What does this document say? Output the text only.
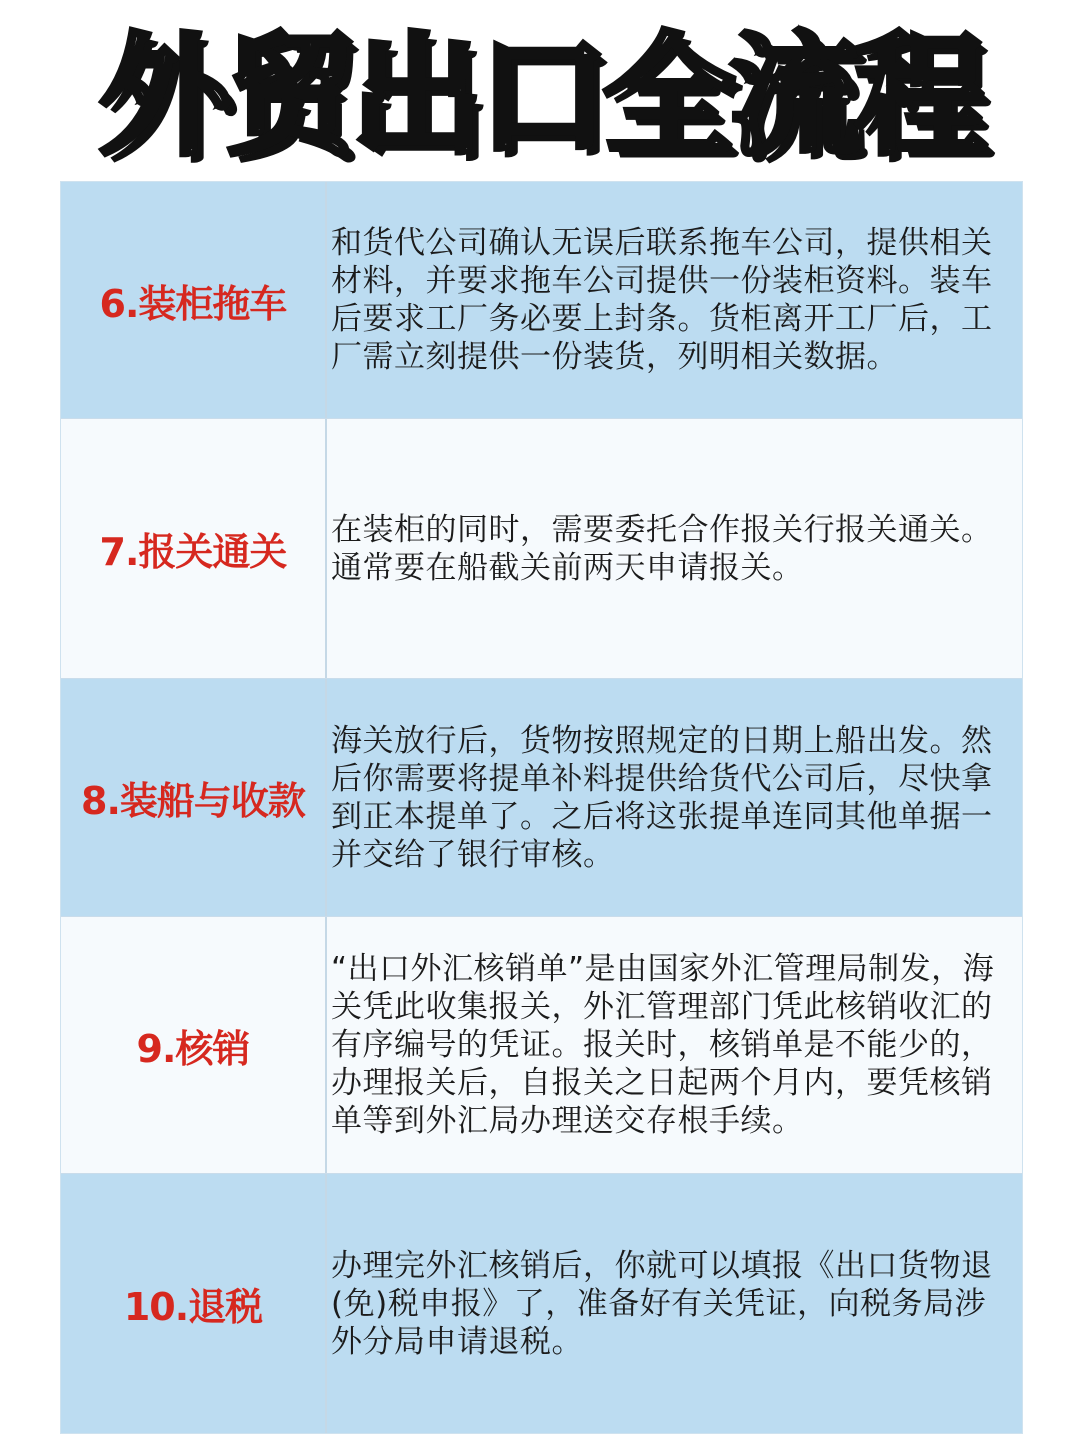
外贸出口全流程
6.装柜拖车

和货代公司确认无误后联系拖车公司，提供相关材料，并要求拖车公司提供一份装柜资料。装车后要求工厂务必要上封条。货柜离开工厂后，工厂需立刻提供一份装货，列明相关数据。

7.报关通关

在装柜的同时，需要委托合作报关行报关通关。通常要在船截关前两天申请报关。

8.装船与收款

海关放行后，货物按照规定的日期上船出发。然后你需要将提单补料提供给货代公司后，尽快拿到正本提单了。之后将这张提单连同其他单据一并交给了银行审核。

9.核销

“出口外汇核销单”是由国家外汇管理局制发，海关凭此收集报关，外汇管理部门凭此核销收汇的有序编号的凭证。报关时，核销单是不能少的，办理报关后，自报关之日起两个月内，要凭核销单等到外汇局办理送交存根手续。

10.退税

办理完外汇核销后，你就可以填报《出口货物退(免)税申报》了，准备好有关凭证，向税务局涉外分局申请退税。
